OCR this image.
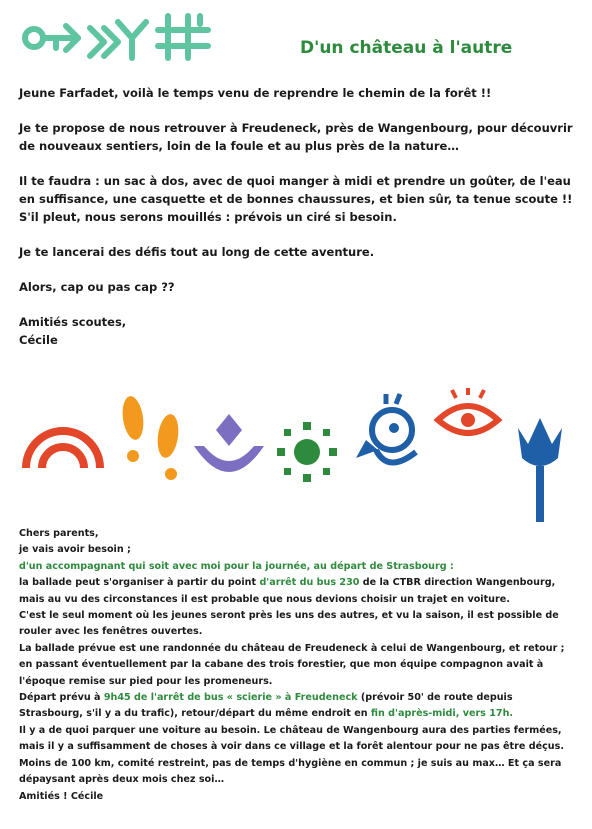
D'un château à l'autre

Jeune Farfadet, voilà le temps venu de reprendre le chemin de la forêt !!

Je te propose de nous retrouver à Freudeneck, près de Wangenbourg, pour découvrir de nouveaux sentiers, loin de la foule et au plus près de la nature…

Il te faudra : un sac à dos, avec de quoi manger à midi et prendre un goûter, de l'eau en suffisance, une casquette et de bonnes chaussures, et bien sûr, ta tenue scoute !!

S'il pleut, nous serons mouillés : prévois un ciré si besoin.

Je te lancerai des défis tout au long de cette aventure.

Alors, cap ou pas cap ??

Amitiés scoutes,

Cécile

Chers parents,
je vais avoir besoin ;
d'un accompagnant qui soit avec moi pour la journée, au départ de Strasbourg :
la ballade peut s'organiser à partir du point d'arrêt du bus 230 de la CTBR direction Wangenbourg, mais au vu des circonstances il est probable que nous devions choisir un trajet en voiture.
C'est le seul moment où les jeunes seront près les uns des autres, et vu la saison, il est possible de rouler avec les fenêtres ouvertes.
La ballade prévue est une randonnée du château de Freudeneck à celui de Wangenbourg, et retour ; en passant éventuellement par la cabane des trois forestier, que mon équipe compagnon avait à l'époque remise sur pied pour les promeneurs.
Départ prévu à 9h45 de l'arrêt de bus « scierie » à Freudeneck (prévoir 50' de route depuis Strasbourg, s'il y a du trafic), retour/départ du même endroit en fin d'après-midi, vers 17h.
Il y a de quoi parquer une voiture au besoin. Le château de Wangenbourg aura des parties fermées, mais il y a suffisamment de choses à voir dans ce village et la forêt alentour pour ne pas être déçus.
Moins de 100 km, comité restreint, pas de temps d'hygiène en commun ; je suis au max… Et ça sera dépaysant après deux mois chez soi…
Amitiés ! Cécile
